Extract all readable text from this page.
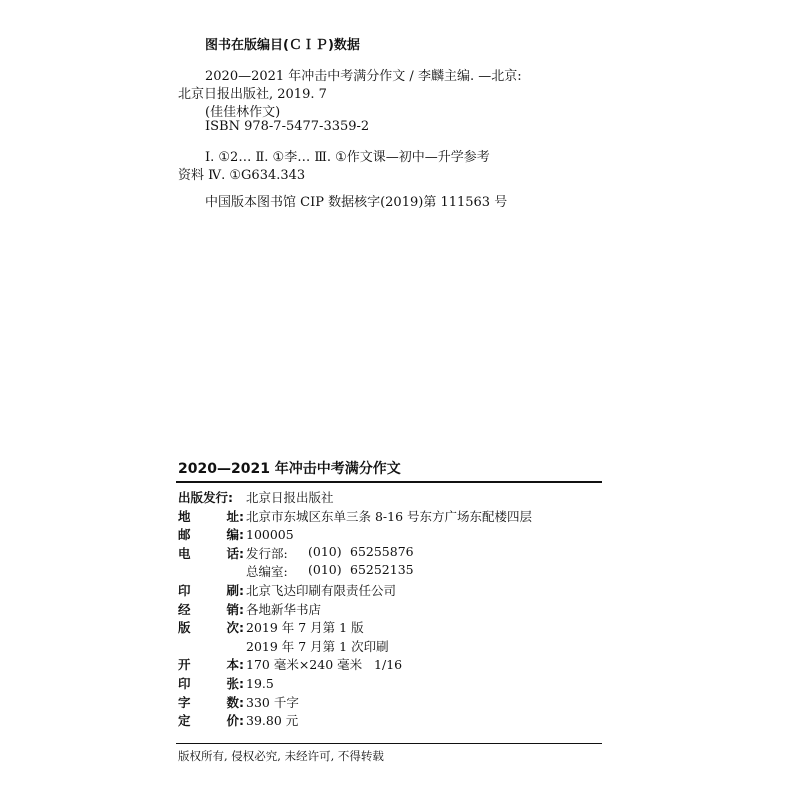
图书在版编目(ＣＩＰ)数据
2020—2021 年冲击中考满分作文 / 李麟主编. —北京:
北京日报出版社, 2019. 7
(佳佳林作文)
ISBN 978-7-5477-3359-2
Ⅰ. ①2… Ⅱ. ①李… Ⅲ. ①作文课—初中—升学参考
资料 Ⅳ. ①G634.343
中国版本图书馆 CIP 数据核字(2019)第 111563 号
2020—2021 年冲击中考满分作文
出版发行:	北京日报出版社
地	址: 北京市东城区东单三条 8-16 号东方广场东配楼四层
邮	编: 100005
电	话: 发行部:	(010) 65255876
总编室:	(010) 65252135
印	刷: 北京飞达印刷有限责任公司
经	销: 各地新华书店
版	次: 2019 年 7 月第 1 版
2019 年 7 月第 1 次印刷
开	本: 170 毫米×240 毫米   1/16
印	张: 19.5
字	数: 330 千字
定	价: 39.80 元
版权所有, 侵权必究, 未经许可, 不得转载
